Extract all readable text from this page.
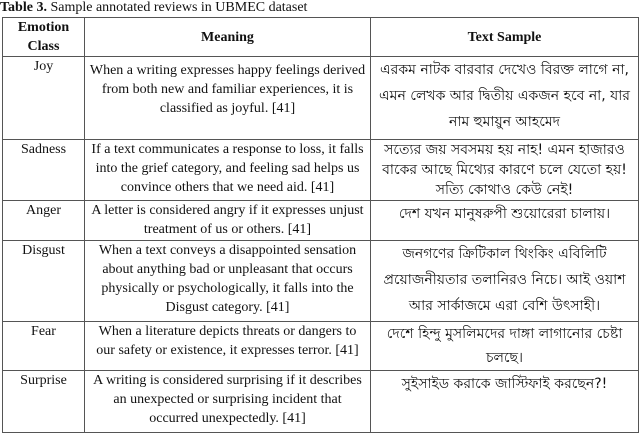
Table 3. Sample annotated reviews in UBMEC dataset
Emotion Class	Meaning	Text Sample
Joy	When a writing expresses happy feelings derived from both new and familiar experiences, it is classified as joyful. [41]	এরকম নাটক বারবার দেখেও বিরক্ত লাগে না, এমন লেখক আর দ্বিতীয় একজন হবে না, যার নাম হুমায়ুন আহমেদ
Sadness	If a text communicates a response to loss, it falls into the grief category, and feeling sad helps us convince others that we need aid. [41]	সত্যের জয় সবসময় হয় নাহ! এমন হাজারও বাকের আছে মিথ্যের কারণে চলে যেতো হয়! সত্যি কোথাও কেউ নেই!
Anger	A letter is considered angry if it expresses unjust treatment of us or others. [41]	দেশ যখন মানুষরুপী শুয়োরেরা চালায়।
Disgust	When a text conveys a disappointed sensation about anything bad or unpleasant that occurs physically or psychologically, it falls into the Disgust category. [41]	জনগণের ক্রিটিকাল থিংকিং এবিলিটি প্রয়োজনীয়তার তলানিরও নিচে। আই ওয়াশ আর সার্কাজমে এরা বেশি উৎসাহী।
Fear	When a literature depicts threats or dangers to our safety or existence, it expresses terror. [41]	দেশে হিন্দু মুসলিমদের দাঙ্গা লাগানোর চেষ্টা চলছে।
Surprise	A writing is considered surprising if it describes an unexpected or surprising incident that occurred unexpectedly. [41]	সুইসাইড করাকে জাস্টিফাই করছেন?!
